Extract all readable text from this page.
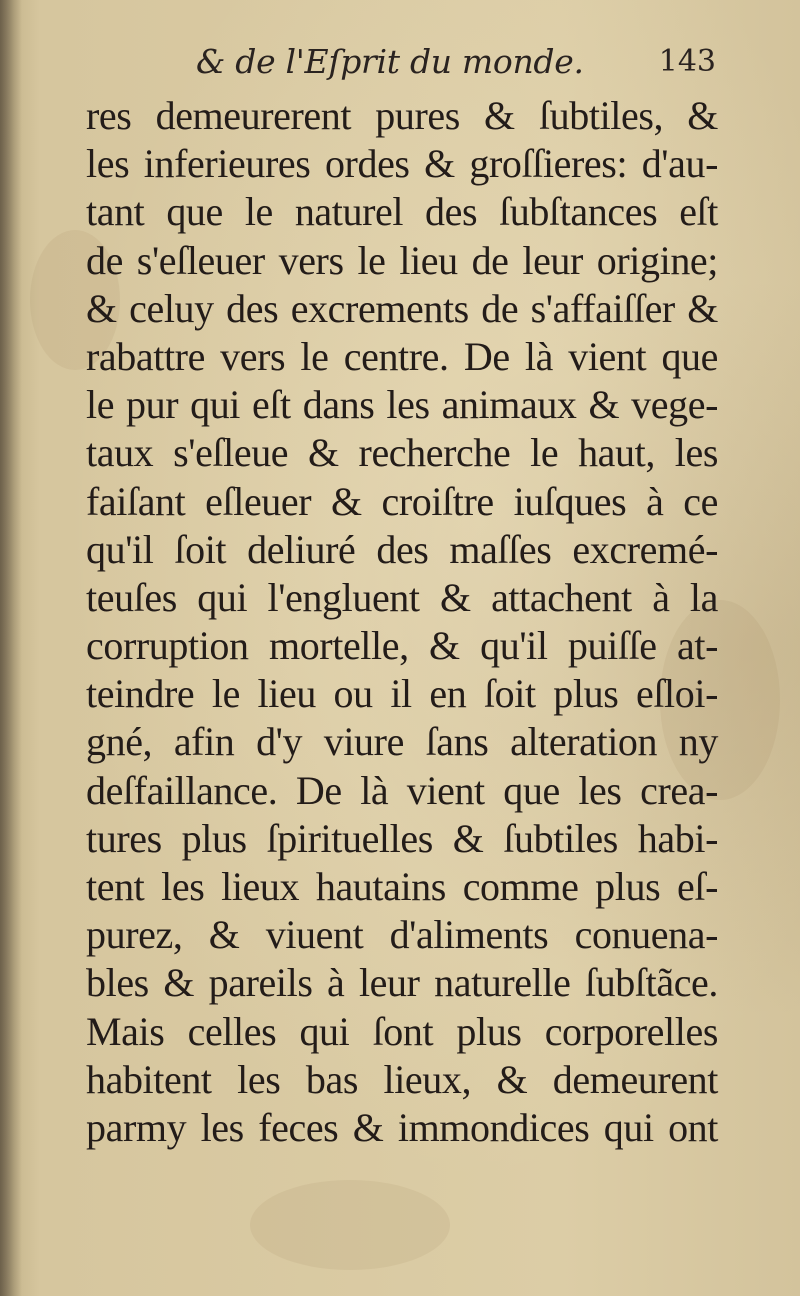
& de l'Eſprit du monde.	143
res demeurerent pures & ſubtiles, &
les inferieures ordes & groſſieres: d'au-
tant que le naturel des ſubſtances eſt
de s'eſleuer vers le lieu de leur origine;
& celuy des excrements de s'affaiſſer &
rabattre vers le centre. De là vient que
le pur qui eſt dans les animaux & vege-
taux s'eſleue & recherche le haut, les
faiſant eſleuer & croiſtre iuſques à ce
qu'il ſoit deliuré des maſſes excremé-
teuſes qui l'engluent & attachent à la
corruption mortelle, & qu'il puiſſe at-
teindre le lieu ou il en ſoit plus eſloi-
gné, afin d'y viure ſans alteration ny
deſfaillance. De là vient que les crea-
tures plus ſpirituelles & ſubtiles habi-
tent les lieux hautains comme plus eſ-
purez, & viuent d'aliments conuena-
bles & pareils à leur naturelle ſubſtãce.
Mais celles qui ſont plus corporelles
habitent les bas lieux, & demeurent
parmy les feces & immondices qui ont
